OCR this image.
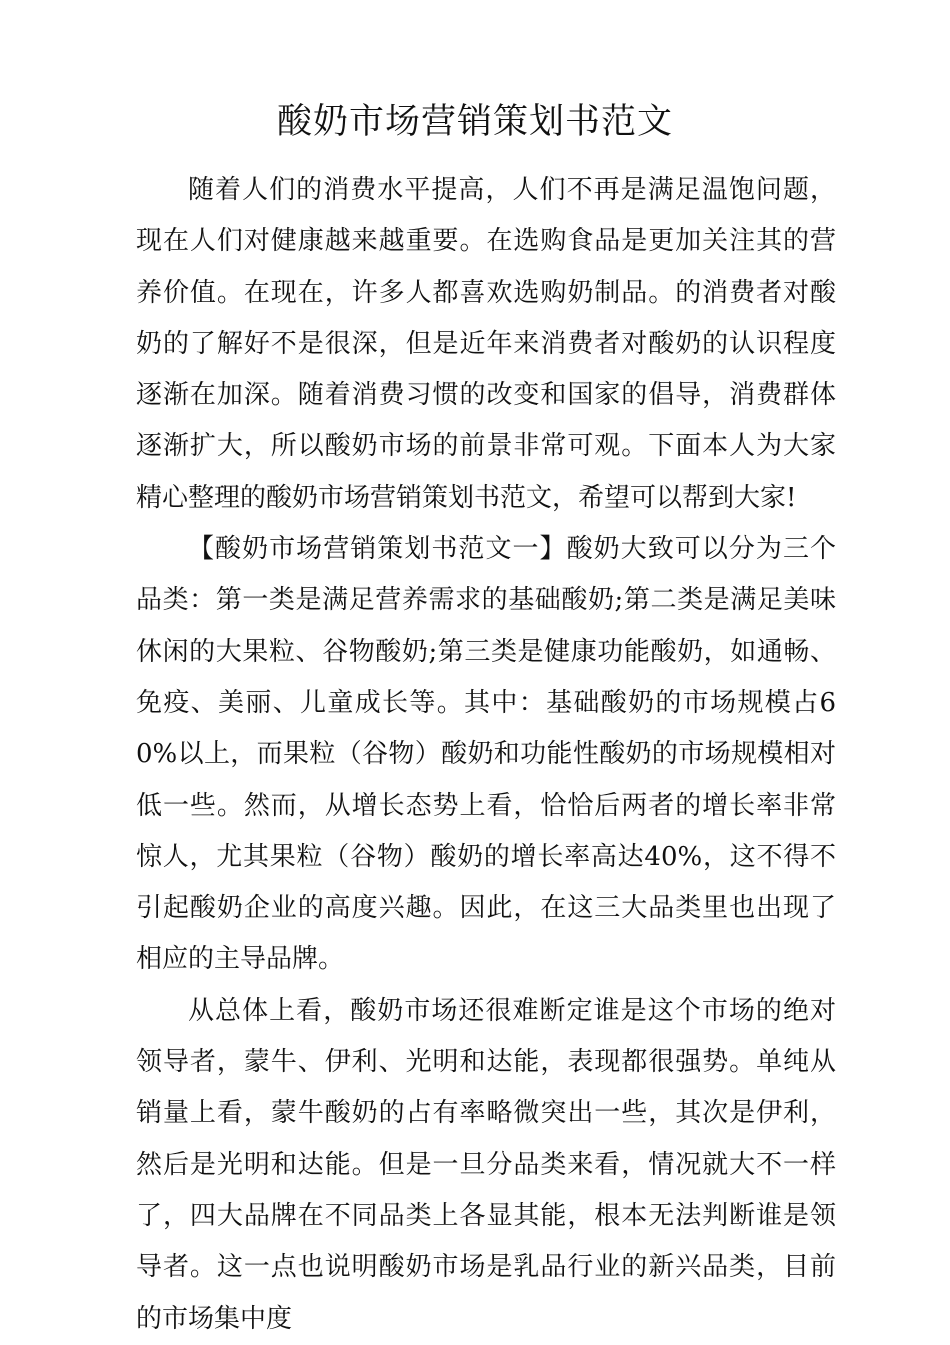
酸奶市场营销策划书范文

随着人们的消费水平提高，人们不再是满足温饱问题，现在人们对健康越来越重要。在选购食品是更加关注其的营养价值。在现在，许多人都喜欢选购奶制品。的消费者对酸奶的了解好不是很深，但是近年来消费者对酸奶的认识程度逐渐在加深。随着消费习惯的改变和国家的倡导，消费群体逐渐扩大，所以酸奶市场的前景非常可观。下面本人为大家精心整理的酸奶市场营销策划书范文，希望可以帮到大家!

【酸奶市场营销策划书范文一】酸奶大致可以分为三个品类：第一类是满足营养需求的基础酸奶;第二类是满足美味休闲的大果粒、谷物酸奶;第三类是健康功能酸奶，如通畅、免疫、美丽、儿童成长等。其中：基础酸奶的市场规模占60%以上，而果粒（谷物）酸奶和功能性酸奶的市场规模相对低一些。然而，从增长态势上看，恰恰后两者的增长率非常惊人，尤其果粒（谷物）酸奶的增长率高达40%，这不得不引起酸奶企业的高度兴趣。因此，在这三大品类里也出现了相应的主导品牌。

从总体上看，酸奶市场还很难断定谁是这个市场的绝对领导者，蒙牛、伊利、光明和达能，表现都很强势。单纯从销量上看，蒙牛酸奶的占有率略微突出一些，其次是伊利，然后是光明和达能。但是一旦分品类来看，情况就大不一样了，四大品牌在不同品类上各显其能，根本无法判断谁是领导者。这一点也说明酸奶市场是乳品行业的新兴品类，目前的市场集中度
